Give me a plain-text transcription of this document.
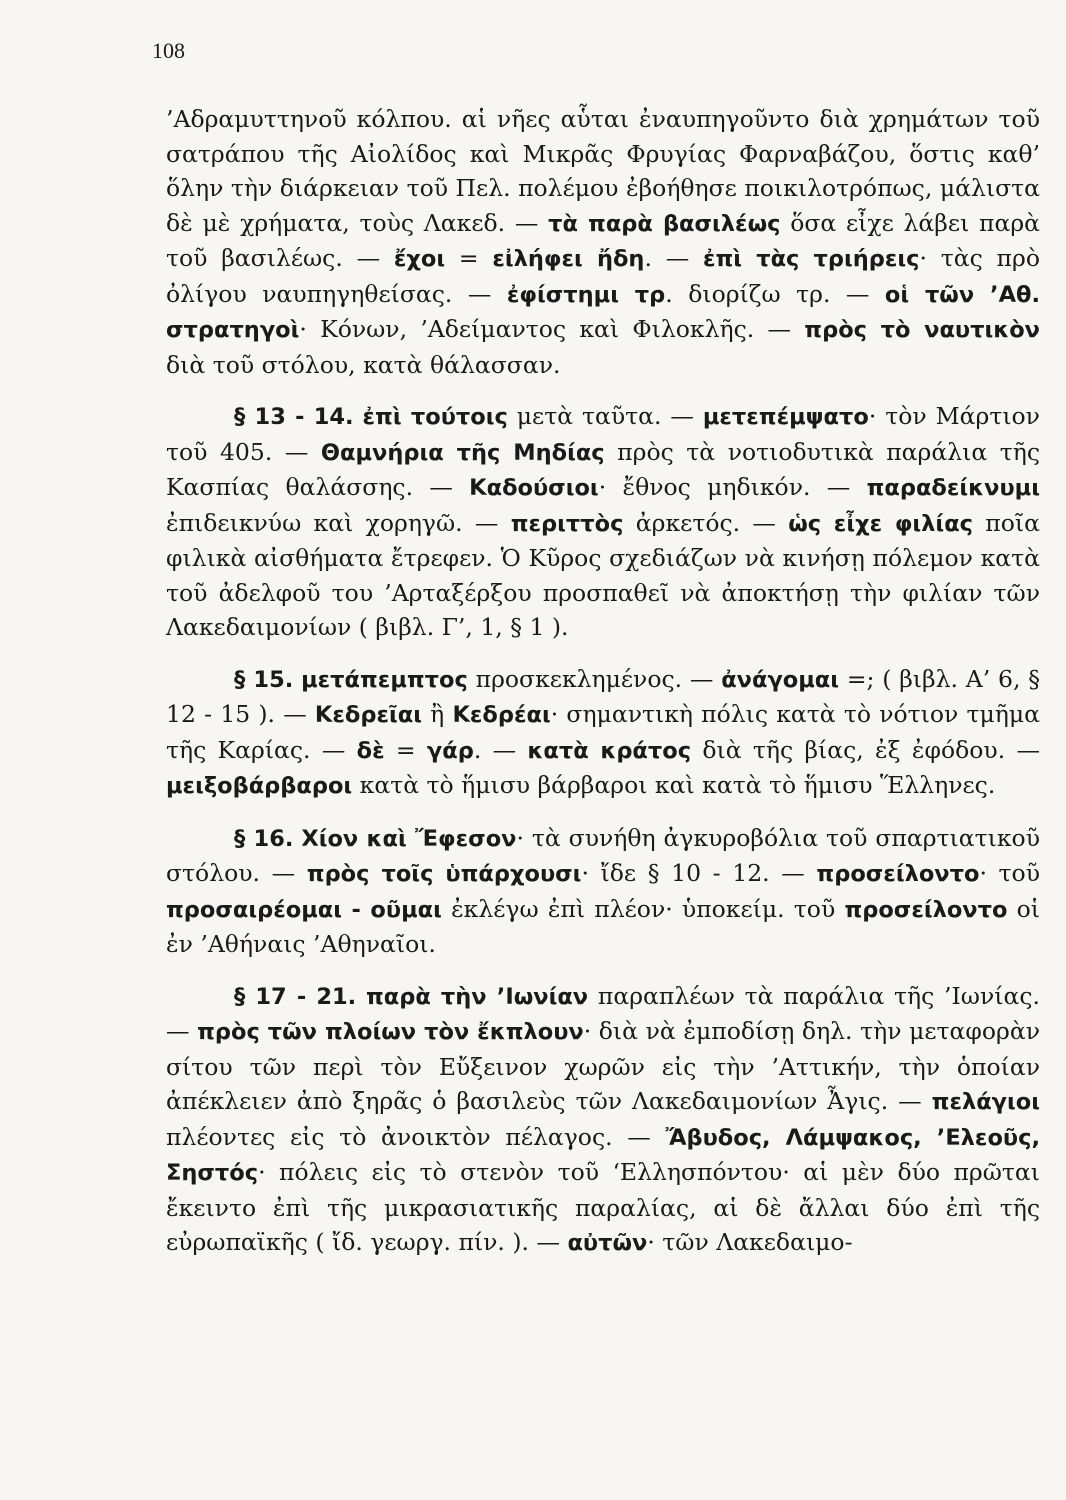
108

’Αδραμυττηνοῦ κόλπου. αἱ νῆες αὗται ἐναυπηγοῦντο διὰ χρημάτων τοῦ σατράπου τῆς Αἰολίδος καὶ Μικρᾶς Φρυγίας Φαρναβάζου, ὅστις καθ’ ὅλην τὴν διάρκειαν τοῦ Πελ. πολέμου ἐβοήθησε ποικιλοτρόπως, μάλιστα δὲ μὲ χρήματα, τοὺς Λακεδ. — τὰ παρὰ βασιλέως ὅσα εἶχε λάβει παρὰ τοῦ βασιλέως. — ἔχοι = εἰλήφει ἤδη. — ἐπὶ τὰς τριήρεις· τὰς πρὸ ὀλίγου ναυπηγηθείσας. — ἐφίστημι τρ. διορίζω τρ. — οἱ τῶν ’Αθ. στρατηγοὶ· Κόνων, ’Αδείμαντος καὶ Φιλοκλῆς. — πρὸς τὸ ναυτικὸν διὰ τοῦ στόλου, κατὰ θάλασσαν.

§ 13 - 14. ἐπὶ τούτοις μετὰ ταῦτα. — μετεπέμψατο· τὸν Μάρτιον τοῦ 405. — Θαμνήρια τῆς Μηδίας πρὸς τὰ νοτιοδυτικὰ παράλια τῆς Κασπίας θαλάσσης. — Καδούσιοι· ἔθνος μηδικόν. — παραδείκνυμι ἐπιδεικνύω καὶ χορηγῶ. — περιττὸς ἀρκετός. — ὡς εἶχε φιλίας ποῖα φιλικὰ αἰσθήματα ἔτρεφεν. Ὁ Κῦρος σχεδιάζων νὰ κινήσῃ πόλεμον κατὰ τοῦ ἀδελφοῦ του ’Αρταξέρξου προσπαθεῖ νὰ ἀποκτήσῃ τὴν φιλίαν τῶν Λακεδαιμονίων ( βιβλ. Γ’, 1, § 1 ).

§ 15. μετάπεμπτος προσκεκλημένος. — ἀνάγομαι =; ( βιβλ. Α’ 6, § 12 - 15 ). — Κεδρεῖαι ἢ Κεδρέαι· σημαντικὴ πόλις κατὰ τὸ νότιον τμῆμα τῆς Καρίας. — δὲ = γάρ. — κατὰ κράτος διὰ τῆς βίας, ἐξ ἐφόδου. — μειξοβάρβαροι κατὰ τὸ ἥμισυ βάρβαροι καὶ κατὰ τὸ ἥμισυ Ἕλληνες.

§ 16. Χίον καὶ Ἔφεσον· τὰ συνήθη ἀγκυροβόλια τοῦ σπαρτιατικοῦ στόλου. — πρὸς τοῖς ὑπάρχουσι· ἴδε § 10 - 12. — προσείλοντο· τοῦ προσαιρέομαι - οῦμαι ἐκλέγω ἐπὶ πλέον· ὑποκείμ. τοῦ προσείλοντο οἱ ἐν ’Αθήναις ’Αθηναῖοι.

§ 17 - 21. παρὰ τὴν ’Ιωνίαν παραπλέων τὰ παράλια τῆς ’Ιωνίας. — πρὸς τῶν πλοίων τὸν ἔκπλουν· διὰ νὰ ἐμποδίσῃ δηλ. τὴν μεταφορὰν σίτου τῶν περὶ τὸν Εὔξεινον χωρῶν εἰς τὴν ’Αττικήν, τὴν ὁποίαν ἀπέκλειεν ἀπὸ ξηρᾶς ὁ βασιλεὺς τῶν Λακεδαιμονίων Ἆγις. — πελάγιοι πλέοντες εἰς τὸ ἀνοικτὸν πέλαγος. — Ἄβυδος, Λάμψακος, ’Ελεοῦς, Σηστός· πόλεις εἰς τὸ στενὸν τοῦ ‘Ελλησπόντου· αἱ μὲν δύο πρῶται ἔκειντο ἐπὶ τῆς μικρασιατικῆς παραλίας, αἱ δὲ ἄλλαι δύο ἐπὶ τῆς εὐρωπαϊκῆς ( ἴδ. γεωργ. πίν. ). — αὐτῶν· τῶν Λακεδαιμο-
